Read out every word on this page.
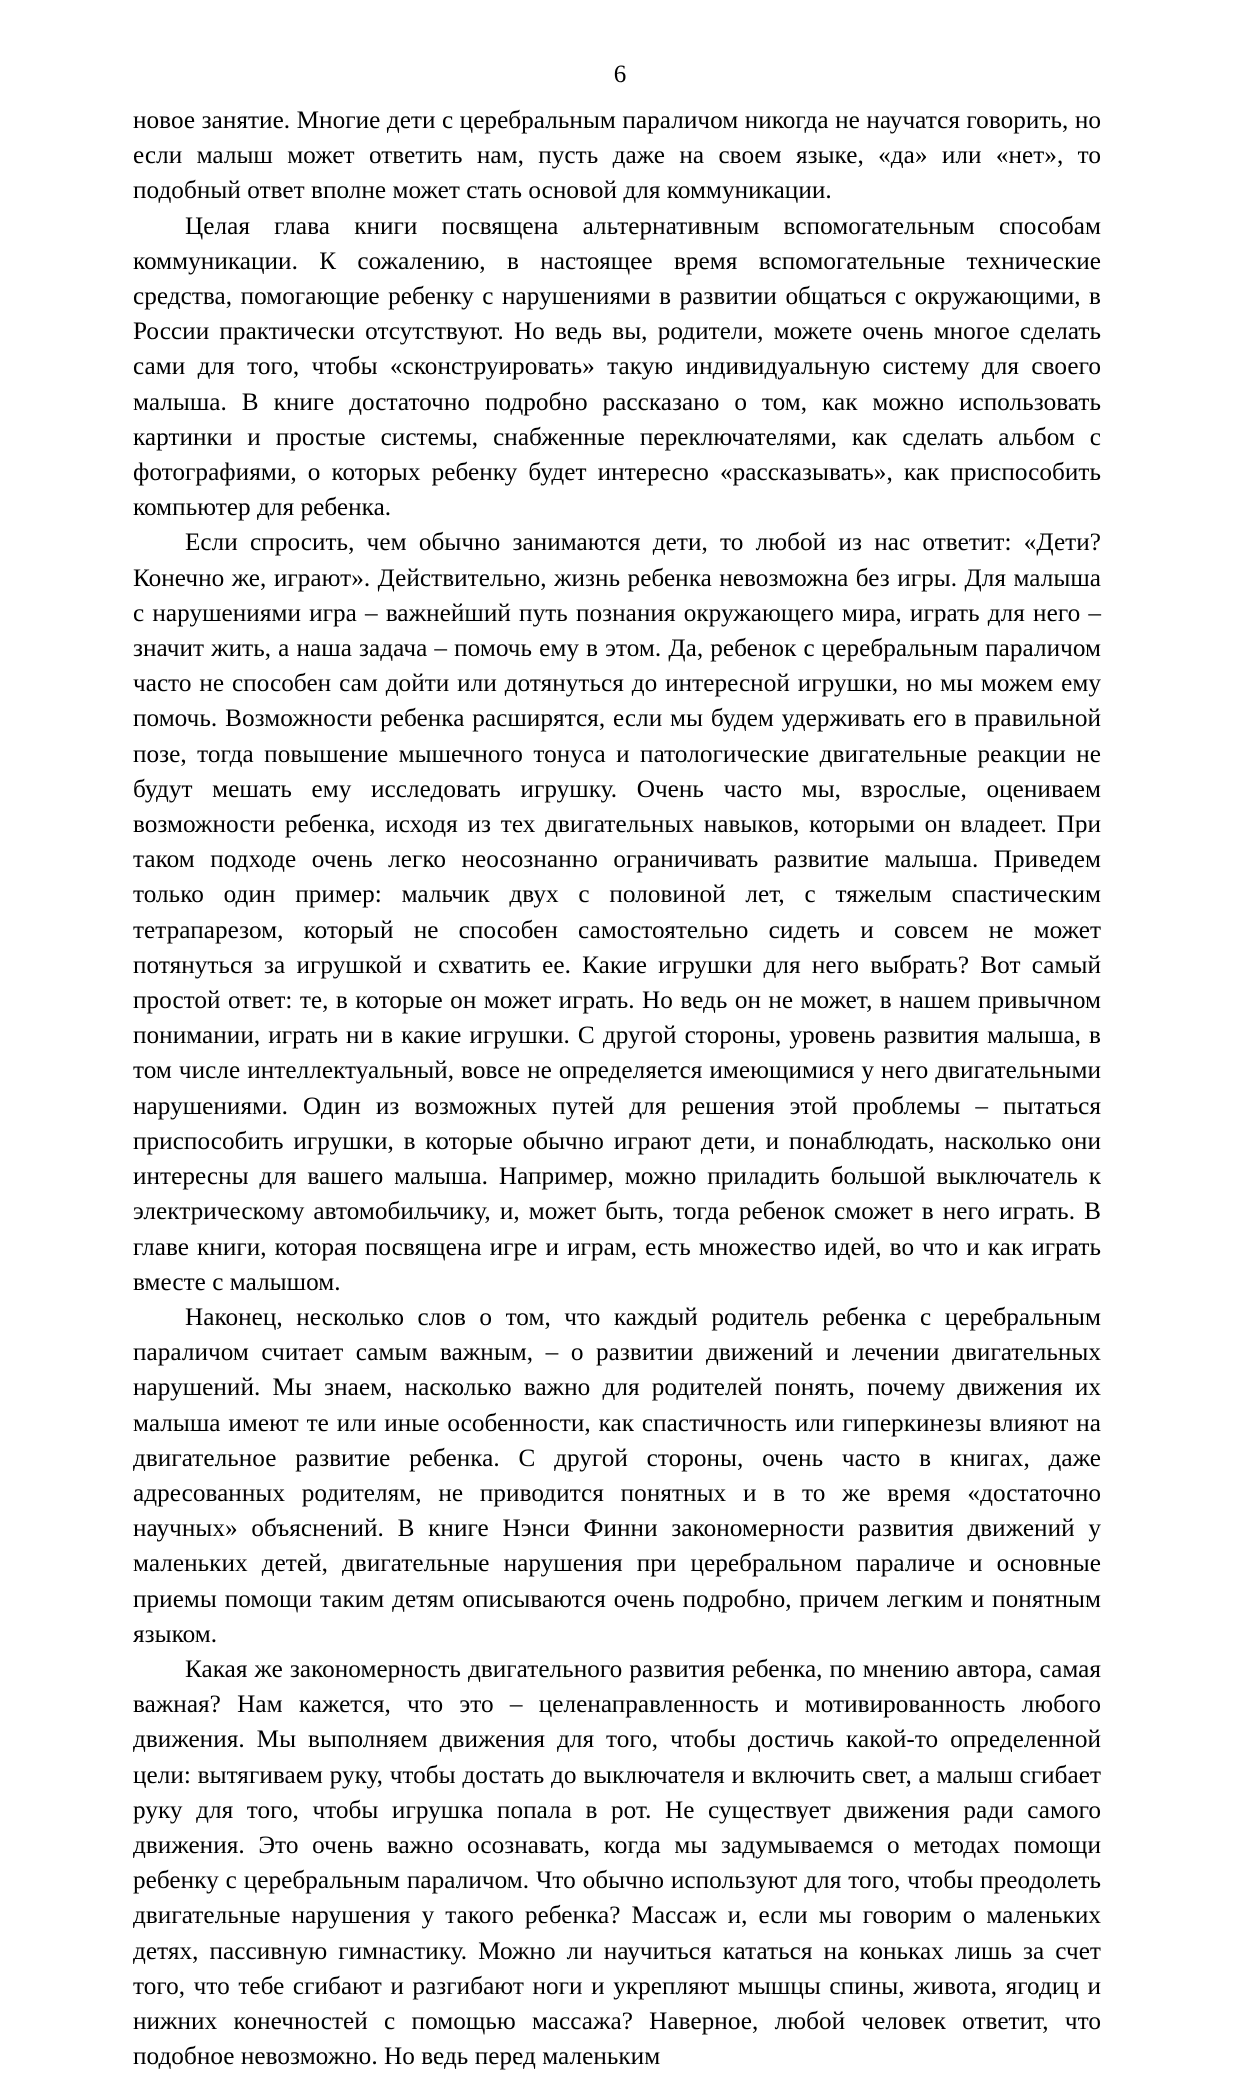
6

новое занятие. Многие дети с церебральным параличом никогда не научатся говорить, но если малыш может ответить нам, пусть даже на своем языке, «да» или «нет», то подобный ответ вполне может стать основой для коммуникации.

Целая глава книги посвящена альтернативным вспомогательным способам коммуникации. К сожалению, в настоящее время вспомогательные технические средства, помогающие ребенку с нарушениями в развитии общаться с окружающими, в России практически отсутствуют. Но ведь вы, родители, можете очень многое сделать сами для того, чтобы «сконструировать» такую индивидуальную систему для своего малыша. В книге достаточно подробно рассказано о том, как можно использовать картинки и простые системы, снабженные переключателями, как сделать альбом с фотографиями, о которых ребенку будет интересно «рассказывать», как приспособить компьютер для ребенка.

Если спросить, чем обычно занимаются дети, то любой из нас ответит: «Дети? Конечно же, играют». Действительно, жизнь ребенка невозможна без игры. Для малыша с нарушениями игра – важнейший путь познания окружающего мира, играть для него – значит жить, а наша задача – помочь ему в этом. Да, ребенок с церебральным параличом часто не способен сам дойти или дотянуться до интересной игрушки, но мы можем ему помочь. Возможности ребенка расширятся, если мы будем удерживать его в правильной позе, тогда повышение мышечного тонуса и патологические двигательные реакции не будут мешать ему исследовать игрушку. Очень часто мы, взрослые, оцениваем возможности ребенка, исходя из тех двигательных навыков, которыми он владеет. При таком подходе очень легко неосознанно ограничивать развитие малыша. Приведем только один пример: мальчик двух с половиной лет, с тяжелым спастическим тетрапарезом, который не способен самостоятельно сидеть и совсем не может потянуться за игрушкой и схватить ее. Какие игрушки для него выбрать? Вот самый простой ответ: те, в которые он может играть. Но ведь он не может, в нашем привычном понимании, играть ни в какие игрушки. С другой стороны, уровень развития малыша, в том числе интеллектуальный, вовсе не определяется имеющимися у него двигательными нарушениями. Один из возможных путей для решения этой проблемы – пытаться приспособить игрушки, в которые обычно играют дети, и понаблюдать, насколько они интересны для вашего малыша. Например, можно приладить большой выключатель к электрическому автомобильчику, и, может быть, тогда ребенок сможет в него играть. В главе книги, которая посвящена игре и играм, есть множество идей, во что и как играть вместе с малышом.

Наконец, несколько слов о том, что каждый родитель ребенка с церебральным параличом считает самым важным, – о развитии движений и лечении двигательных нарушений. Мы знаем, насколько важно для родителей понять, почему движения их малыша имеют те или иные особенности, как спастичность или гиперкинезы влияют на двигательное развитие ребенка. С другой стороны, очень часто в книгах, даже адресованных родителям, не приводится понятных и в то же время «достаточно научных» объяснений. В книге Нэнси Финни закономерности развития движений у маленьких детей, двигательные нарушения при церебральном параличе и основные приемы помощи таким детям описываются очень подробно, причем легким и понятным языком.

Какая же закономерность двигательного развития ребенка, по мнению автора, самая важная? Нам кажется, что это – целенаправленность и мотивированность любого движения. Мы выполняем движения для того, чтобы достичь какой-то определенной цели: вытягиваем руку, чтобы достать до выключателя и включить свет, а малыш сгибает руку для того, чтобы игрушка попала в рот. Не существует движения ради самого движения. Это очень важно осознавать, когда мы задумываемся о методах помощи ребенку с церебральным параличом. Что обычно используют для того, чтобы преодолеть двигательные нарушения у такого ребенка? Массаж и, если мы говорим о маленьких детях, пассивную гимнастику. Можно ли научиться кататься на коньках лишь за счет того, что тебе сгибают и разгибают ноги и укрепляют мышцы спины, живота, ягодиц и нижних конечностей с помощью массажа? Наверное, любой человек ответит, что подобное невозможно. Но ведь перед маленьким
